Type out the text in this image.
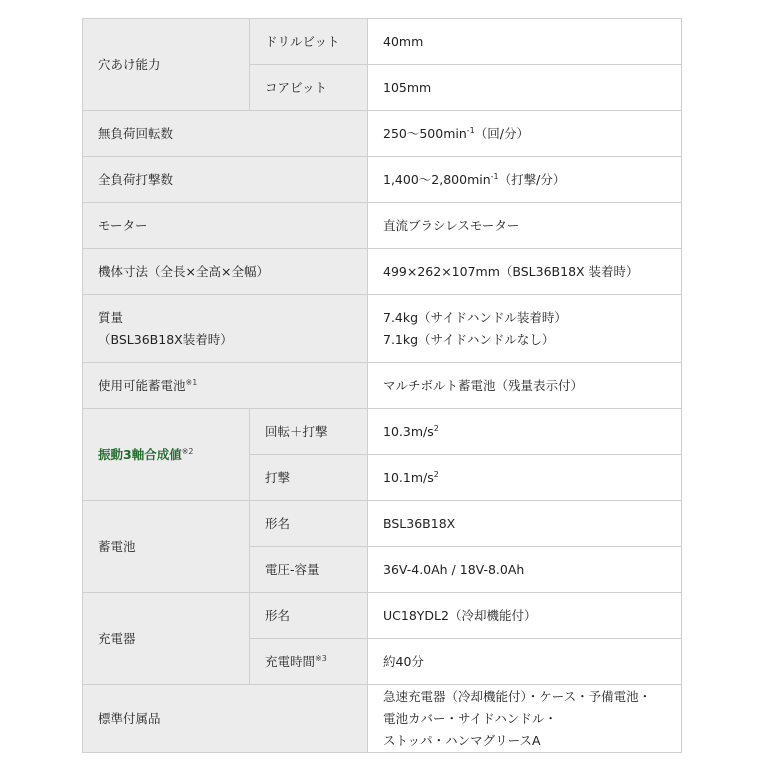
穴あけ能力	ドリルビット	40mm
	コアビット	105mm
無負荷回転数		$250\sim 500\min^{-1}$（回/分）
全負荷打撃数		$1,400\sim 2,800\min^{-1}$（打撃/分）
モーター		直流ブラシレスモーター
機体寸法（全長×全高×全幅）		499×262×107mm（BSL36B18X 装着時）

質量
（BSL36B18X装着時）		7.4kg（サイドハンドル装着時）
7.1kg（サイドハンドルなし）

使用可能蓄電池$^{※1}$		マルチボルト蓄電池（残量表示付）
振動3軸合成値$^{※2}$	回転＋打撃	$10.3m/s^2$
	打撃	$10.1m/s^2$
蓄電池	形名	BSL36B18X
	電圧-容量	36V-4.0Ah / 18V-8.0Ah
充電器	形名	UC18YDL2（冷却機能付）
	充電時間$^{※3}$	約40分
標準付属品		急速充電器（冷却機能付）・ケース・予備電池・
電池カバー・サイドハンドル・
ストッパ・ハンマグリースA
